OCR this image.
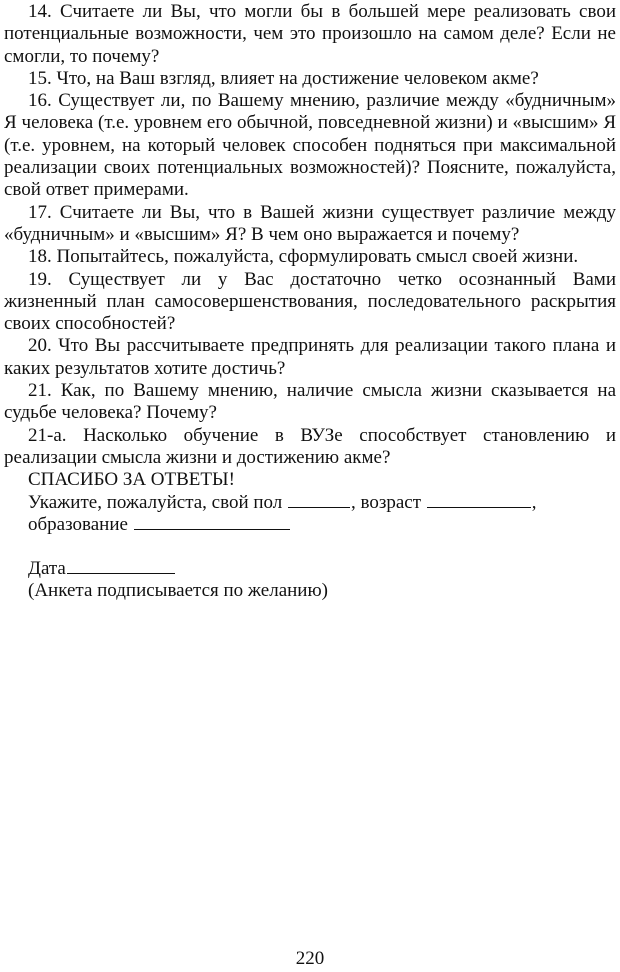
14. Считаете ли Вы, что могли бы в большей мере реализовать свои потенциальные возможности, чем это произошло на самом деле? Если не смогли, то почему?

15. Что, на Ваш взгляд, влияет на достижение человеком акме?

16. Существует ли, по Вашему мнению, различие между «будничным» Я человека (т.е. уровнем его обычной, повседневной жизни) и «высшим» Я (т.е. уровнем, на который человек способен подняться при максимальной реализации своих потенциальных возможностей)? Поясните, пожалуйста, свой ответ примерами.

17. Считаете ли Вы, что в Вашей жизни существует различие между «будничным» и «высшим» Я? В чем оно выражается и почему?

18. Попытайтесь, пожалуйста, сформулировать смысл своей жизни.

19. Существует ли у Вас достаточно четко осознанный Вами жизненный план самосовершенствования, последовательного раскрытия своих способностей?

20. Что Вы рассчитываете предпринять для реализации такого плана и каких результатов хотите достичь?

21. Как, по Вашему мнению, наличие смысла жизни сказывается на судьбе человека? Почему?

21-а. Насколько обучение в ВУЗе способствует становлению и реализации смысла жизни и достижению акме?

СПАСИБО ЗА ОТВЕТЫ!

Укажите, пожалуйста, свой пол	, возраст	,

образование

Дата

(Анкета подписывается по желанию)

220
